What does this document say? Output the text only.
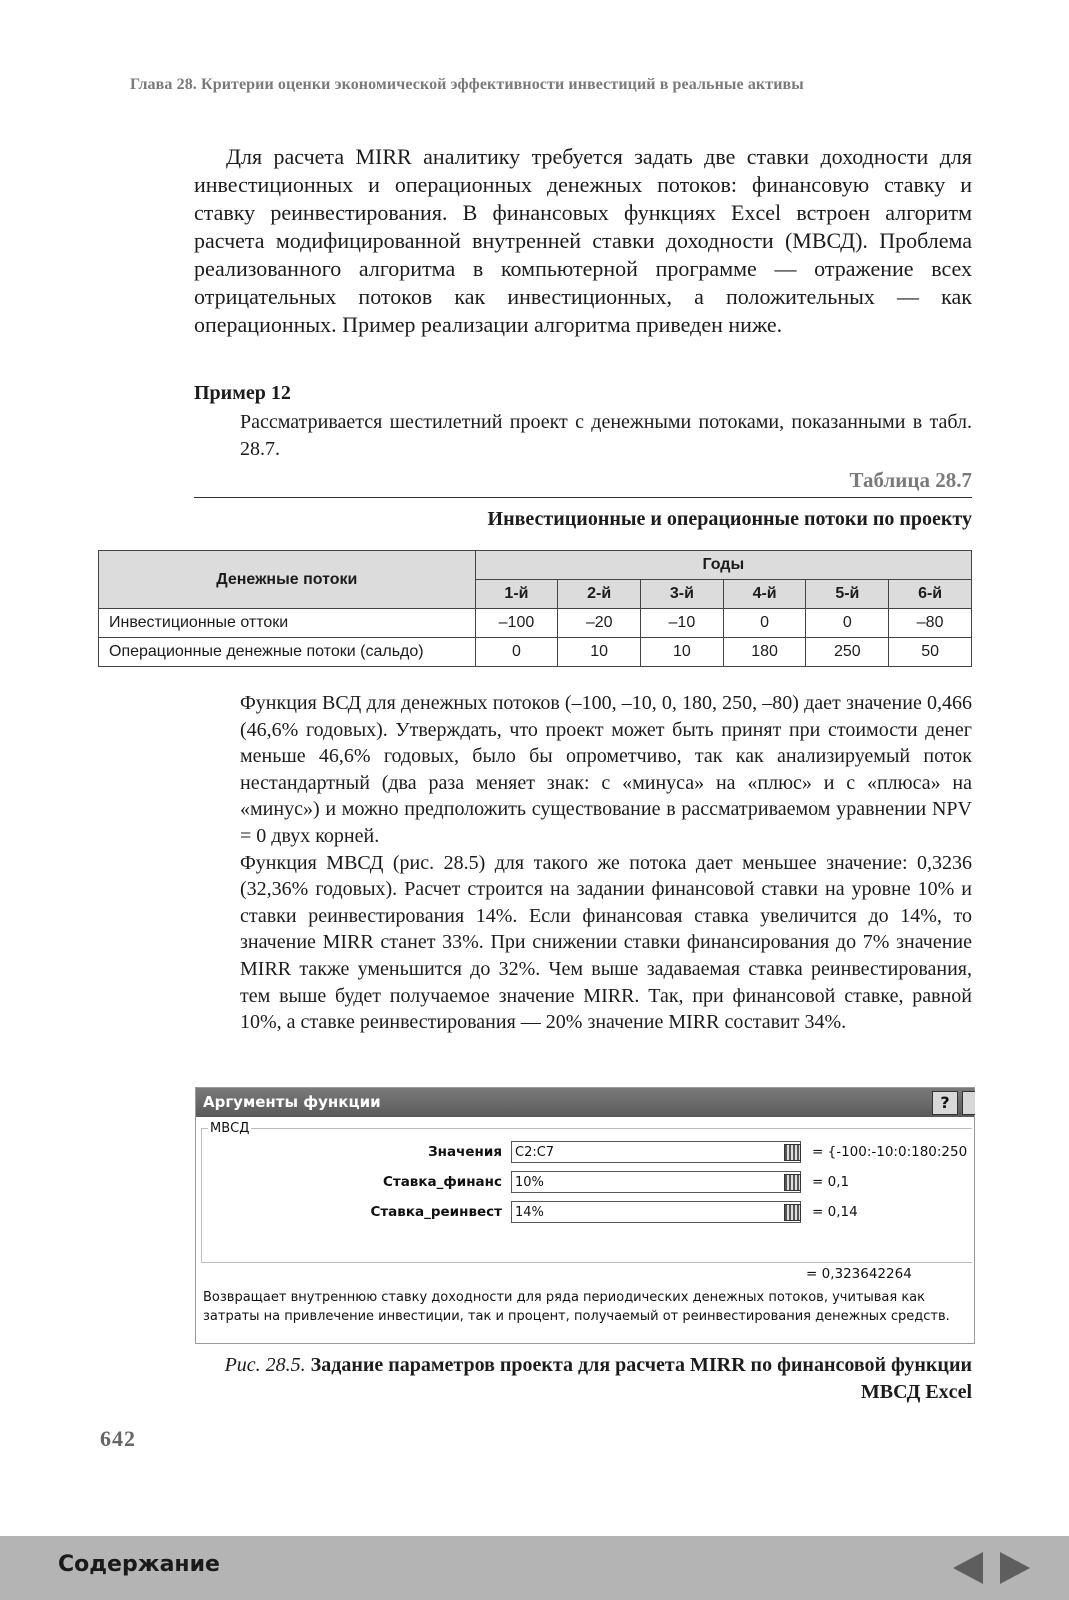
Глава 28. Критерии оценки экономической эффективности инвестиций в реальные активы

Для расчета MIRR аналитику требуется задать две ставки доходности для инвестиционных и операционных денежных потоков: финансовую ставку и ставку реинвестирования. В финансовых функциях Excel встроен алгоритм расчета модифицированной внутренней ставки доходности (МВСД). Проблема реализованного алгоритма в компьютерной программе — отражение всех отрицательных потоков как инвестиционных, а положительных — как операционных. Пример реализации алгоритма приведен ниже.

Пример 12
Рассматривается шестилетний проект с денежными потоками, показанными в табл. 28.7.
Таблица 28.7
Инвестиционные и операционные потоки по проекту
Денежные потоки	Годы					
	1-й	2-й	3-й	4-й	5-й	6-й
Инвестиционные оттоки	–100	–20	–10	0	0	–80
Операционные денежные потоки (сальдо)	0	10	10	180	250	50

Функция ВСД для денежных потоков (–100, –10, 0, 180, 250, –80) дает значение 0,466 (46,6% годовых). Утверждать, что проект может быть принят при стоимости денег меньше 46,6% годовых, было бы опрометчиво, так как анализируемый поток нестандартный (два раза меняет знак: с «минуса» на «плюс» и с «плюса» на «минус») и можно предположить существование в рассматриваемом уравнении NPV = 0 двух корней.

Функция МВСД (рис. 28.5) для такого же потока дает меньшее значение: 0,3236 (32,36% годовых). Расчет строится на задании финансовой ставки на уровне 10% и ставки реинвестирования 14%. Если финансовая ставка увеличится до 14%, то значение MIRR станет 33%. При снижении ставки финансирования до 7% значение MIRR также уменьшится до 32%. Чем выше задаваемая ставка реинвестирования, тем выше будет получаемое значение MIRR. Так, при финансовой ставке, равной 10%, а ставке реинвестирования — 20% значение MIRR составит 34%.

Аргументы функции	?
МВСД
Значения	C2:C7	= {-100:-10:0:180:250
Ставка_финанс	10%	= 0,1
Ставка_реинвест	14%	= 0,14
= 0,323642264
Возвращает внутреннюю ставку доходности для ряда периодических денежных потоков, учитывая как затраты на привлечение инвестиции, так и процент, получаемый от реинвестирования денежных средств.
Рис. 28.5. Задание параметров проекта для расчета MIRR по финансовой функции МВСД Excel
642
Содержание
